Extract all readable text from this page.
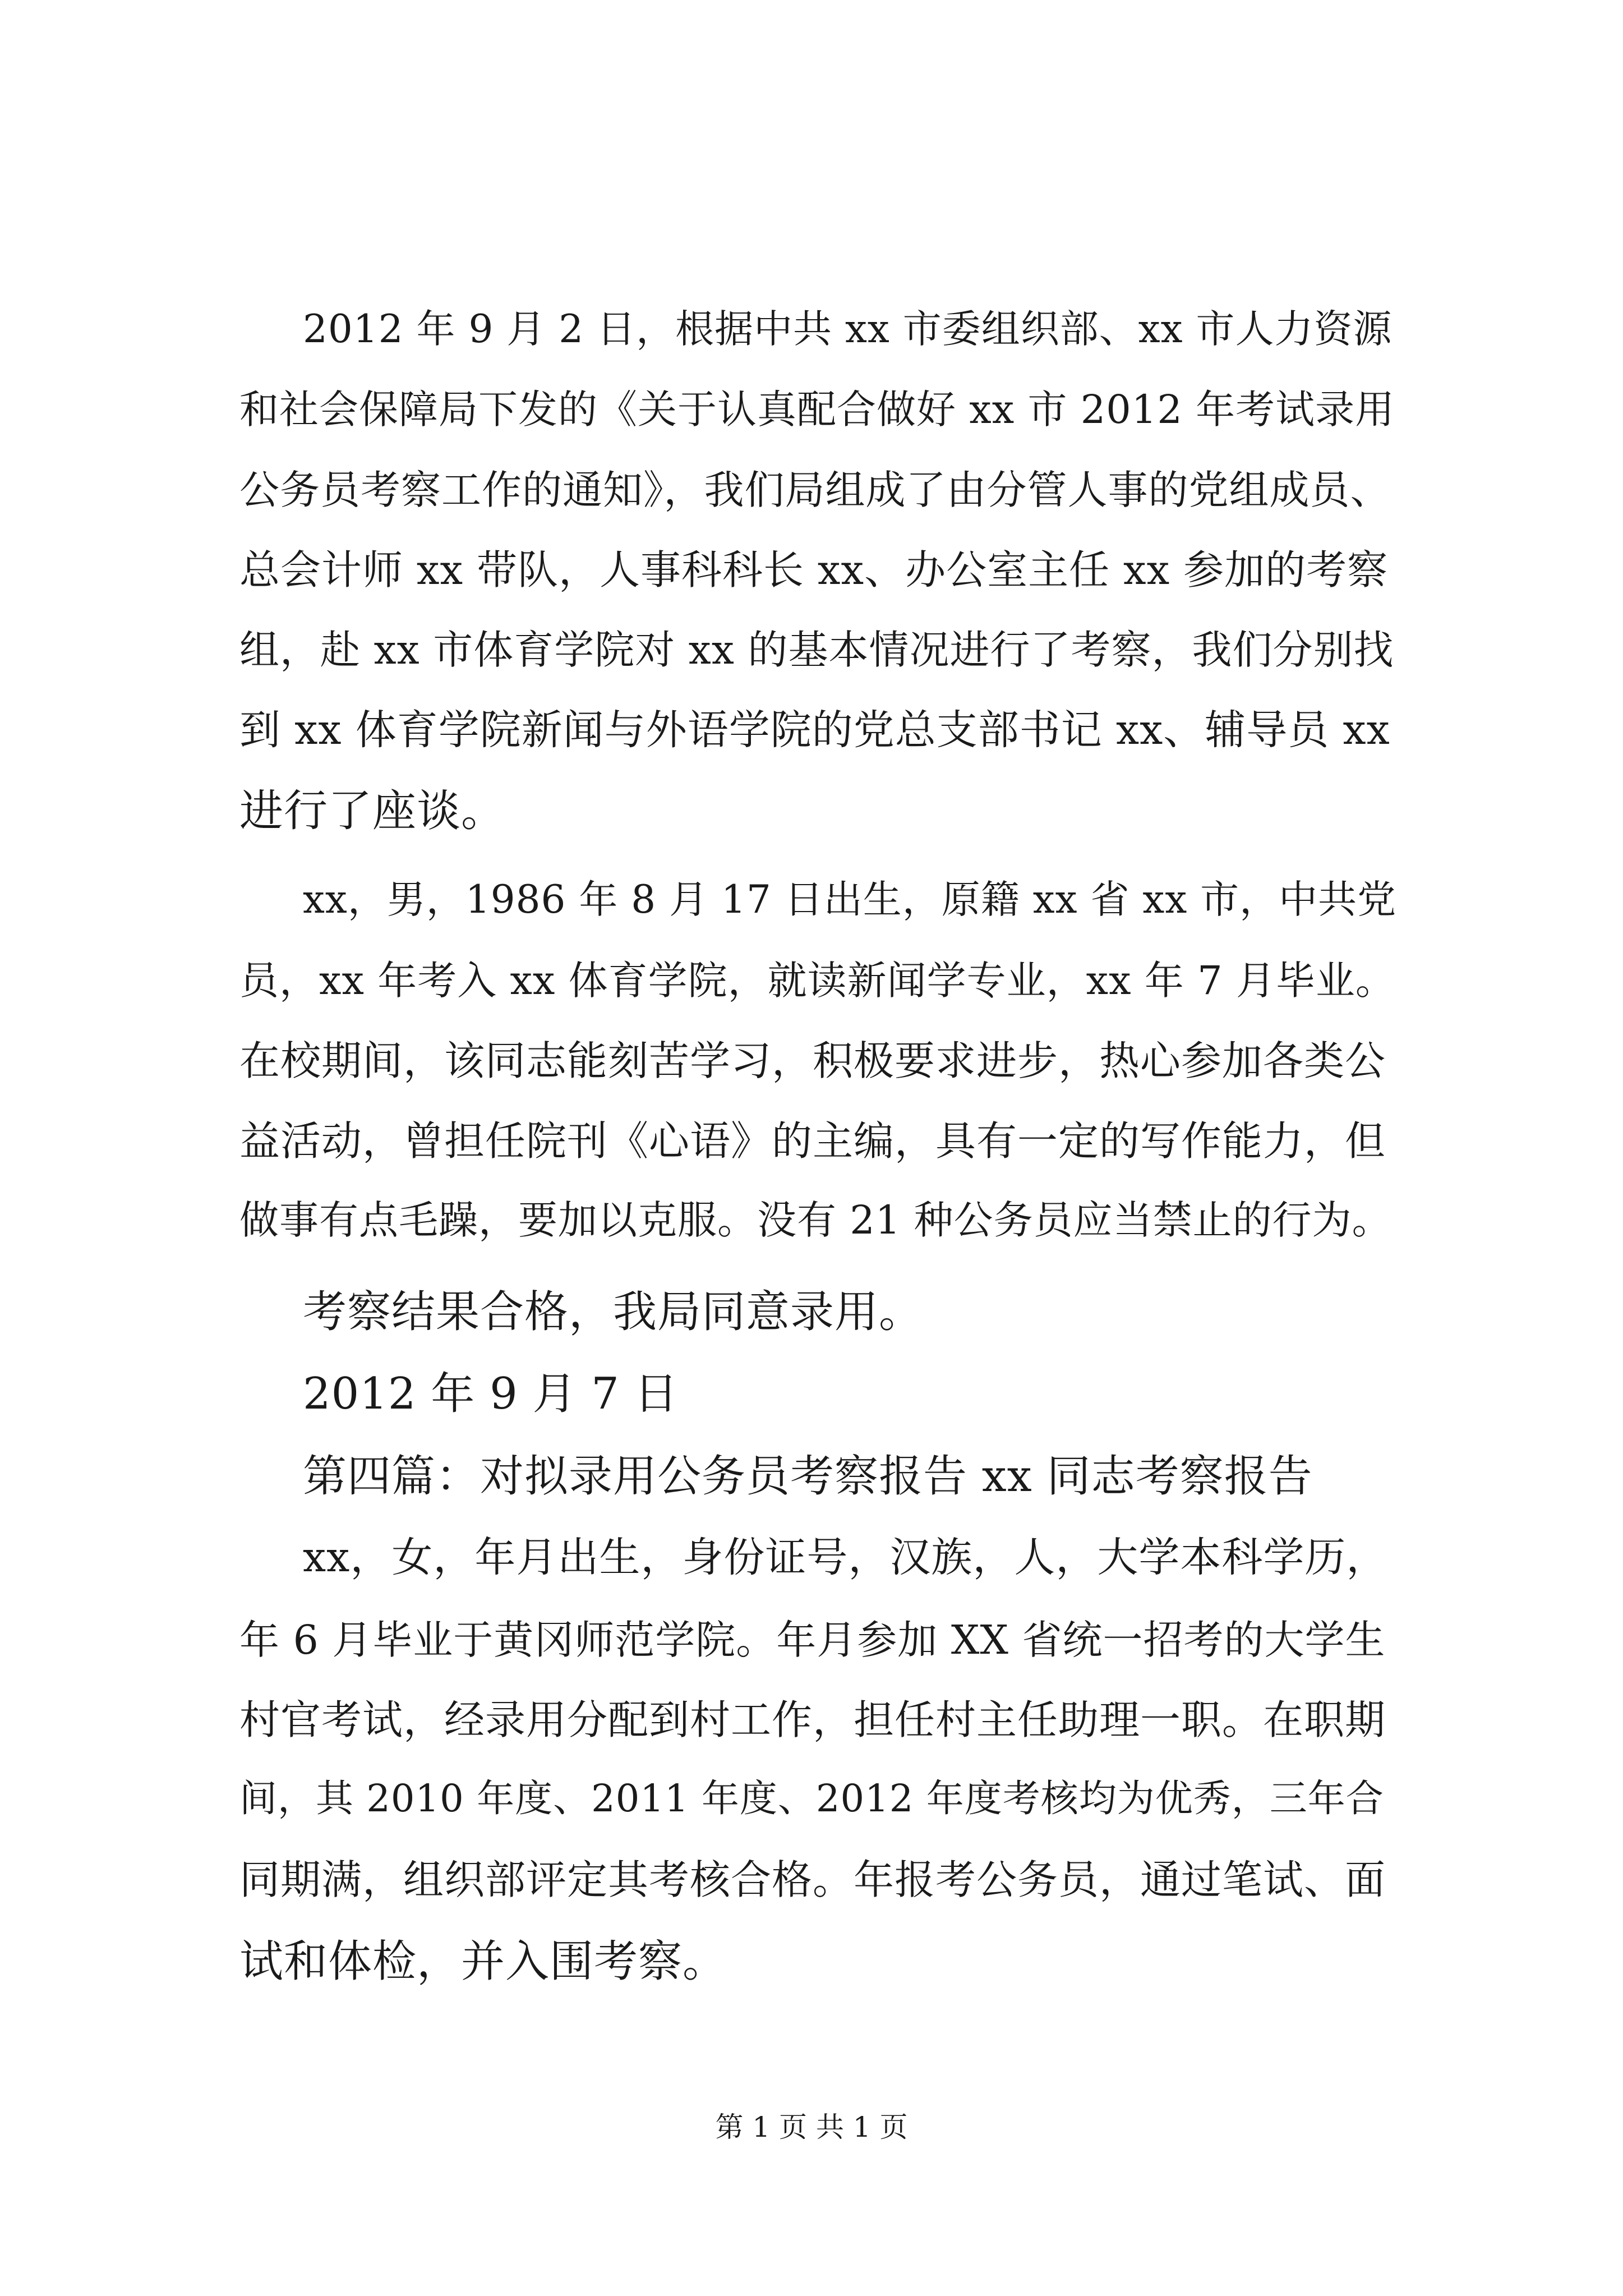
2012 年 9 月 2 日，根据中共 xx 市委组织部、xx 市人力资源

和社会保障局下发的《关于认真配合做好 xx 市 2012 年考试录用

公务员考察工作的通知》，我们局组成了由分管人事的党组成员、

总会计师 xx 带队，人事科科长 xx、办公室主任 xx 参加的考察

组，赴 xx 市体育学院对 xx 的基本情况进行了考察，我们分别找

到 xx 体育学院新闻与外语学院的党总支部书记 xx、辅导员 xx

进行了座谈。

xx，男，1986 年 8 月 17 日出生，原籍 xx 省 xx 市，中共党

员，xx 年考入 xx 体育学院，就读新闻学专业，xx 年 7 月毕业。

在校期间，该同志能刻苦学习，积极要求进步，热心参加各类公

益活动，曾担任院刊《心语》的主编，具有一定的写作能力，但

做事有点毛躁，要加以克服。没有 21 种公务员应当禁止的行为。

考察结果合格，我局同意录用。

2012 年 9 月 7 日

第四篇：对拟录用公务员考察报告 xx 同志考察报告

xx，女，年月出生，身份证号，汉族，人，大学本科学历，

年 6 月毕业于黄冈师范学院。年月参加 XX 省统一招考的大学生

村官考试，经录用分配到村工作，担任村主任助理一职。在职期

间，其 2010 年度、2011 年度、2012 年度考核均为优秀，三年合

同期满，组织部评定其考核合格。年报考公务员，通过笔试、面

试和体检，并入围考察。

第 1 页 共 1 页
